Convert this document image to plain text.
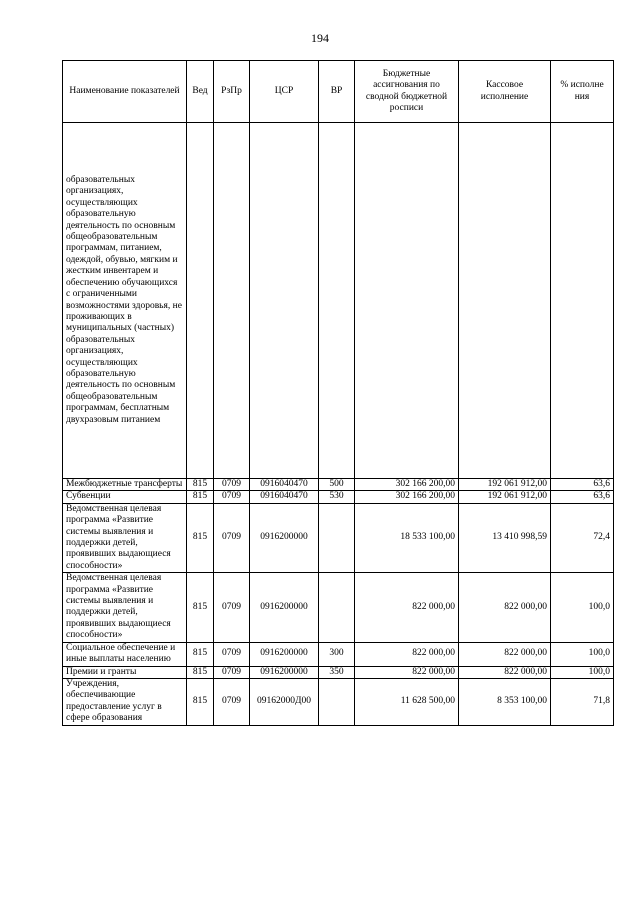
194
Наименование показателей	Вед	РзПр	ЦСР	ВР	Бюджетные ассигнования по сводной бюджетной росписи	Кассовое исполнение	% исполне ния
образовательных организациях, осуществляющих образовательную деятельность по основным общеобразовательным программам, питанием, одеждой, обувью, мягким и жестким инвентарем и обеспечению обучающихся с ограниченными возможностями здоровья, не проживающих в муниципальных (частных) образовательных организациях, осуществляющих образовательную деятельность по основным общеобразовательным программам, бесплатным двухразовым питанием							
Межбюджетные трансферты	815	0709	0916040470	500	302 166 200,00	192 061 912,00	63,6
Субвенции	815	0709	0916040470	530	302 166 200,00	192 061 912,00	63,6
Ведомственная целевая программа «Развитие системы выявления и поддержки детей, проявивших выдающиеся способности»	815	0709	0916200000		18 533 100,00	13 410 998,59	72,4
Ведомственная целевая программа «Развитие системы выявления и поддержки детей, проявивших выдающиеся способности»	815	0709	0916200000		822 000,00	822 000,00	100,0
Социальное обеспечение и иные выплаты населению	815	0709	0916200000	300	822 000,00	822 000,00	100,0
Премии и гранты	815	0709	0916200000	350	822 000,00	822 000,00	100,0
Учреждения, обеспечивающие предоставление услуг в сфере образования	815	0709	09162000Д00		11 628 500,00	8 353 100,00	71,8
